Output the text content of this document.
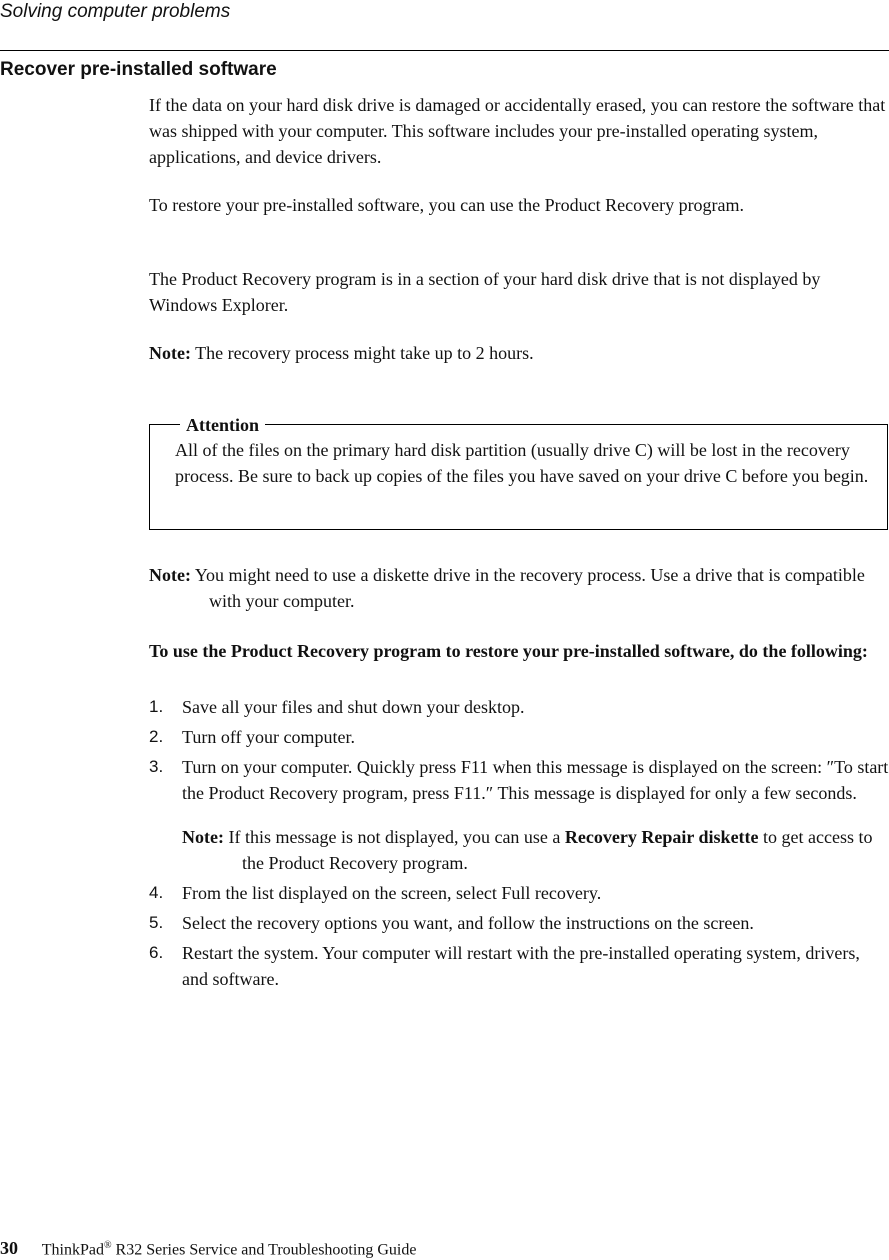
Solving computer problems
Recover pre-installed software

If the data on your hard disk drive is damaged or accidentally erased, you can restore the software that was shipped with your computer. This software includes your pre-installed operating system, applications, and device drivers.

To restore your pre-installed software, you can use the Product Recovery program.

The Product Recovery program is in a section of your hard disk drive that is not displayed by Windows Explorer.

Note: The recovery process might take up to 2 hours.
Attention
All of the files on the primary hard disk partition (usually drive C) will be lost in the recovery process. Be sure to back up copies of the files you have saved on your drive C before you begin.
Note: You might need to use a diskette drive in the recovery process. Use a drive that is compatible with your computer.
To use the Product Recovery program to restore your pre-installed software, do the following:
1. Save all your files and shut down your desktop.
2. Turn off your computer.
3. Turn on your computer. Quickly press F11 when this message is displayed on the screen: ″To start the Product Recovery program, press F11.″ This message is displayed for only a few seconds.
Note: If this message is not displayed, you can use a Recovery Repair diskette to get access to the Product Recovery program.
4. From the list displayed on the screen, select Full recovery.
5. Select the recovery options you want, and follow the instructions on the screen.
6. Restart the system. Your computer will restart with the pre-installed operating system, drivers, and software.
30 ThinkPad® R32 Series Service and Troubleshooting Guide
